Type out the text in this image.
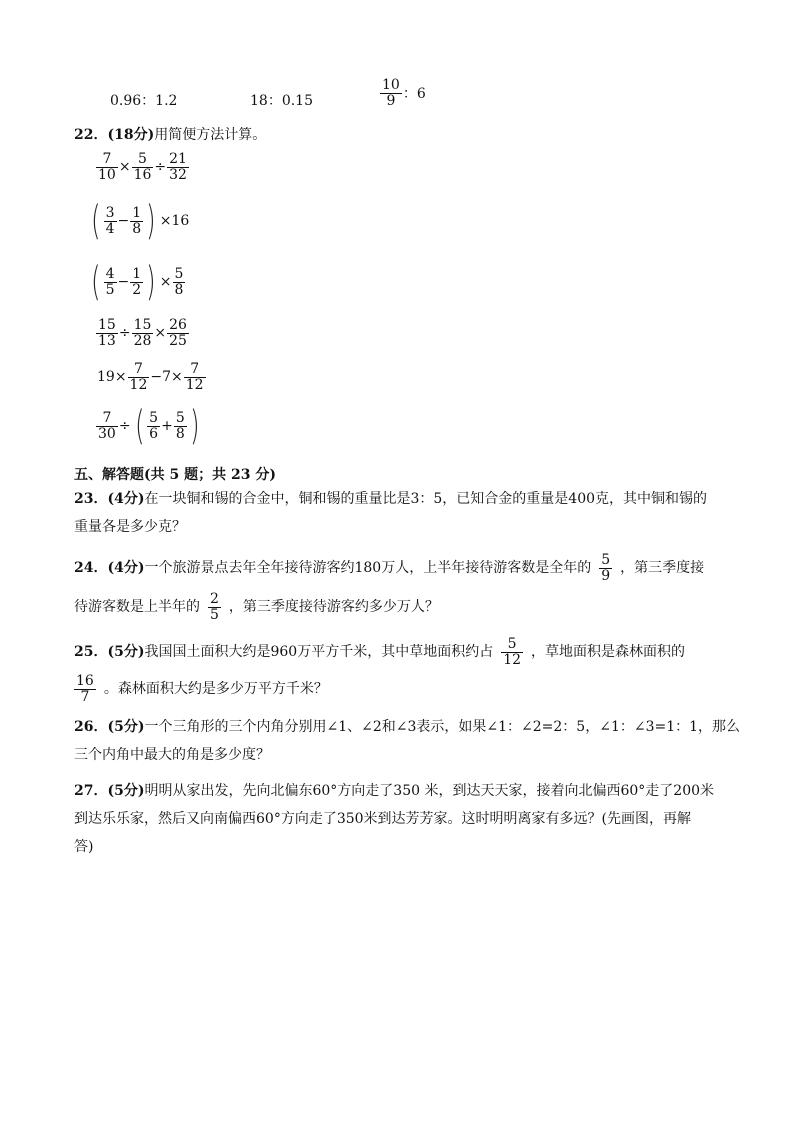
0.96：1.2	18：0.15	$\frac{10}{9}$ ：6
22．(18分)用简便方法计算。
$\frac{7}{10} \times \frac{5}{16} \div \frac{21}{32}$
( $\frac{3}{4} - \frac{1}{8}$ ) ×16
( $\frac{4}{5} - \frac{1}{2}$ ) × $\frac{5}{8}$
$\frac{15}{13} \div \frac{15}{28} \times \frac{26}{25}$
$19\times \frac{7}{12} -7\times \frac{7}{12}$
$\frac{7}{30}$ ÷ ( $\frac{5}{6} + \frac{5}{8}$ )
五、解答题(共 5 题；共 23 分)
23．(4分)在一块铜和锡的合金中，铜和锡的重量比是3：5，已知合金的重量是400克，其中铜和锡的
重量各是多少克？
24．(4分)一个旅游景点去年全年接待游客约180万人，上半年接待游客数是全年的 $\frac{5}{9}$ ，第三季度接
待游客数是上半年的 $\frac{2}{5}$ ，第三季度接待游客约多少万人？
25．(5分)我国国土面积大约是960万平方千米，其中草地面积约占 $\frac{5}{12}$ ，草地面积是森林面积的
$\frac{16}{7}$ 。森林面积大约是多少万平方千米？
26．(5分)一个三角形的三个内角分别用∠1、∠2和∠3表示，如果∠1：∠2=2：5，∠1：∠3=1：1，那么
三个内角中最大的角是多少度？
27．(5分)明明从家出发，先向北偏东60°方向走了350 米，到达天天家，接着向北偏西60°走了200米
到达乐乐家，然后又向南偏西60°方向走了350米到达芳芳家。这时明明离家有多远？(先画图，再解
答)
